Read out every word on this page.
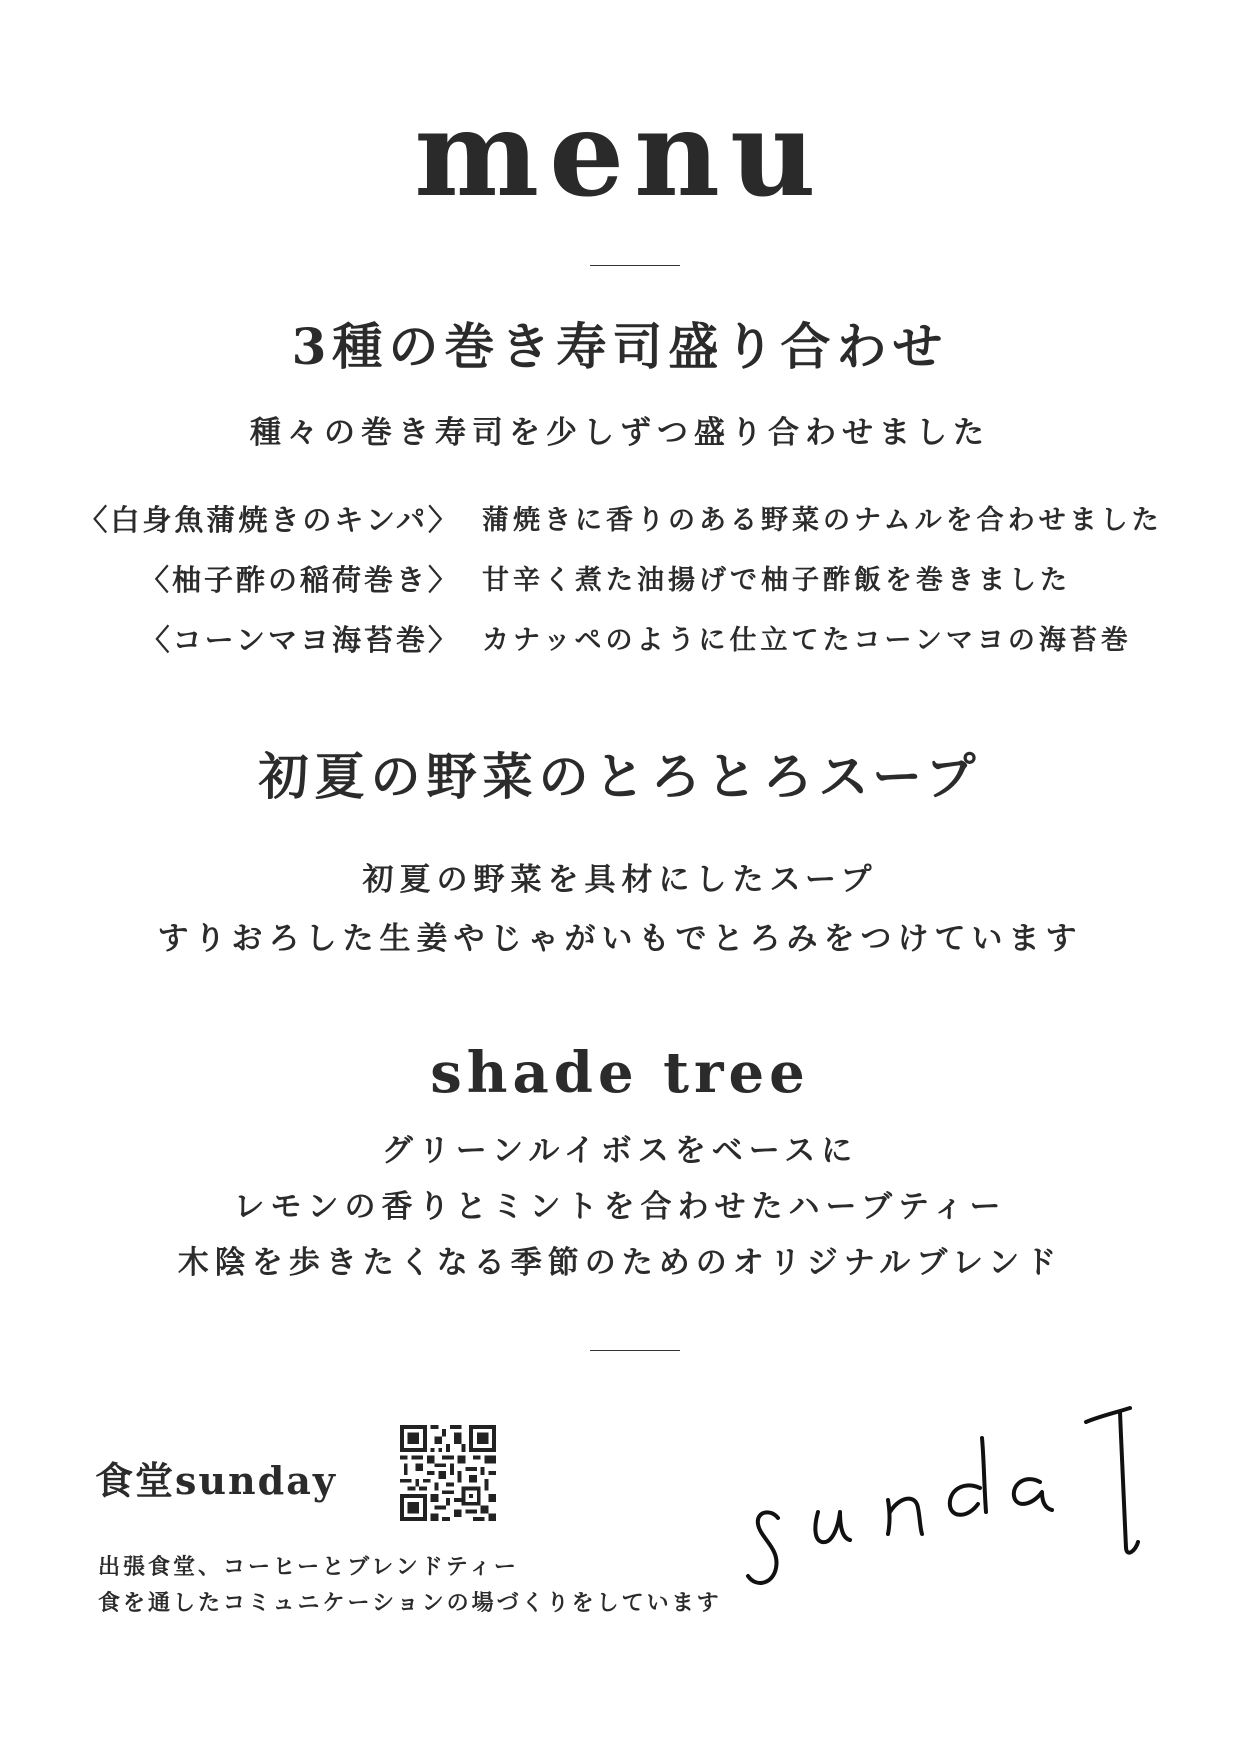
menu
3種の巻き寿司盛り合わせ
種々の巻き寿司を少しずつ盛り合わせました
〈白身魚蒲焼きのキンパ〉 蒲焼きに香りのある野菜のナムルを合わせました
〈柚子酢の稲荷巻き〉 甘辛く煮た油揚げで柚子酢飯を巻きました
〈コーンマヨ海苔巻〉 カナッペのように仕立てたコーンマヨの海苔巻
初夏の野菜のとろとろスープ
初夏の野菜を具材にしたスープ
すりおろした生姜やじゃがいもでとろみをつけています
shade tree
グリーンルイボスをベースに
レモンの香りとミントを合わせたハーブティー
木陰を歩きたくなる季節のためのオリジナルブレンド
食堂sunday
出張食堂、コーヒーとブレンドティー
食を通したコミュニケーションの場づくりをしています
